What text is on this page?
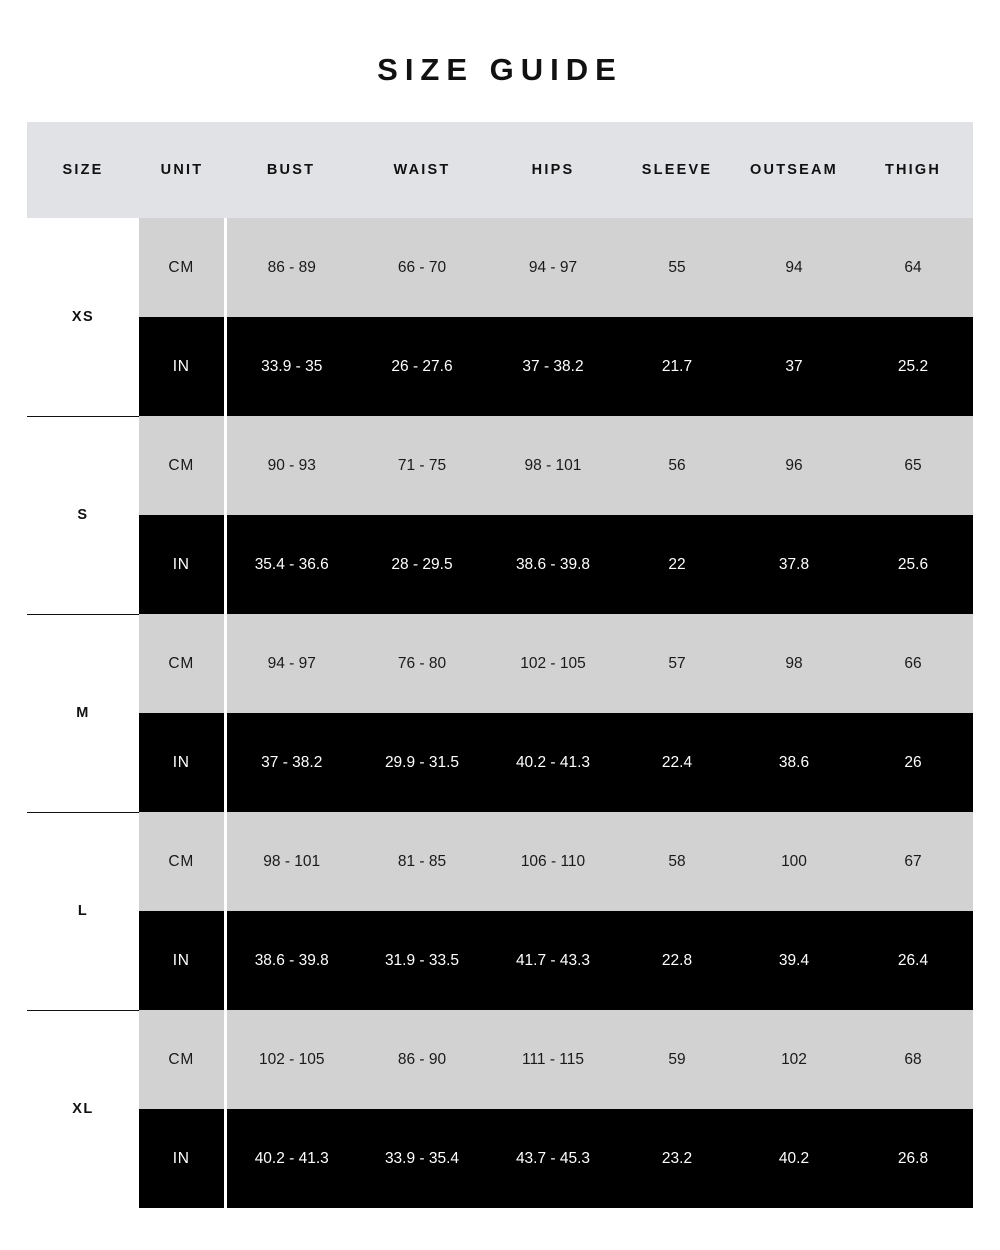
SIZE GUIDE
SIZE	UNIT	BUST	WAIST	HIPS	SLEEVE	OUTSEAM	THIGH
XS	CM	86 - 89	66 - 70	94 - 97	55	94	64
	IN	33.9 - 35	26 - 27.6	37 - 38.2	21.7	37	25.2
S	CM	90 - 93	71 - 75	98 - 101	56	96	65
	IN	35.4 - 36.6	28 - 29.5	38.6 - 39.8	22	37.8	25.6
M	CM	94 - 97	76 - 80	102 - 105	57	98	66
	IN	37 - 38.2	29.9 - 31.5	40.2 - 41.3	22.4	38.6	26
L	CM	98 - 101	81 - 85	106 - 110	58	100	67
	IN	38.6 - 39.8	31.9 - 33.5	41.7 - 43.3	22.8	39.4	26.4
XL	CM	102 - 105	86 - 90	111 - 115	59	102	68
	IN	40.2 - 41.3	33.9 - 35.4	43.7 - 45.3	23.2	40.2	26.8
